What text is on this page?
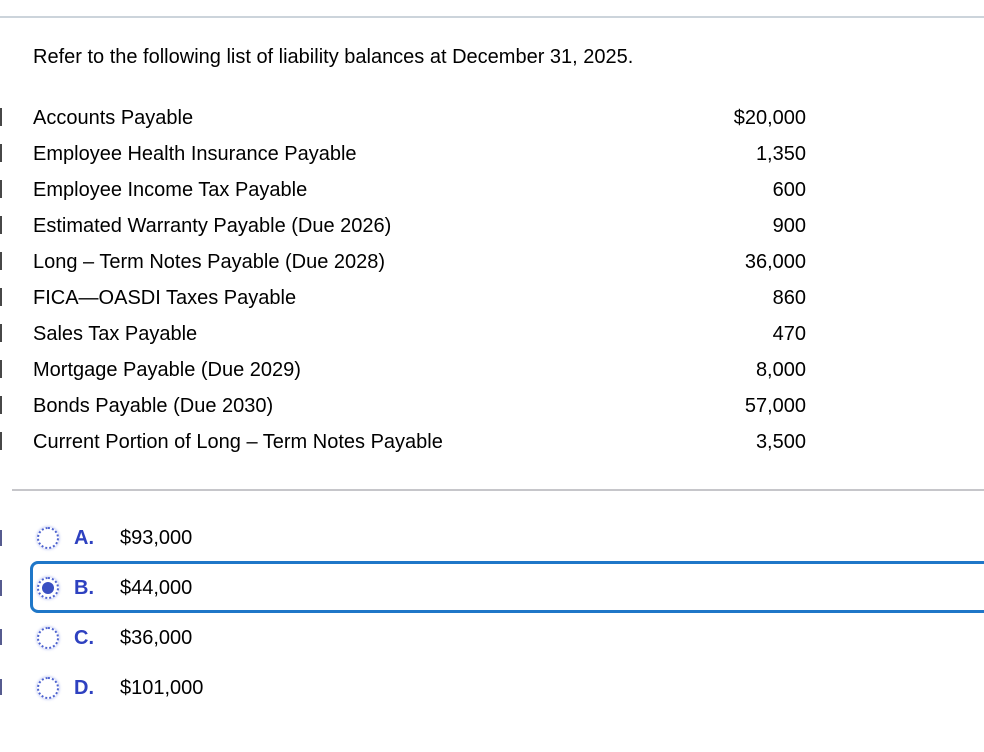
Refer to the following list of liability balances at December 31, 2025.
Accounts Payable	$20,000
Employee Health Insurance Payable	1,350
Employee Income Tax Payable	600
Estimated Warranty Payable (Due 2026)	900
Long – Term Notes Payable (Due 2028)	36,000
FICA—OASDI Taxes Payable	860
Sales Tax Payable	470
Mortgage Payable (Due 2029)	8,000
Bonds Payable (Due 2030)	57,000
Current Portion of Long – Term Notes Payable	3,500
A.	$93,000
B.	$44,000
C.	$36,000
D.	$101,000
